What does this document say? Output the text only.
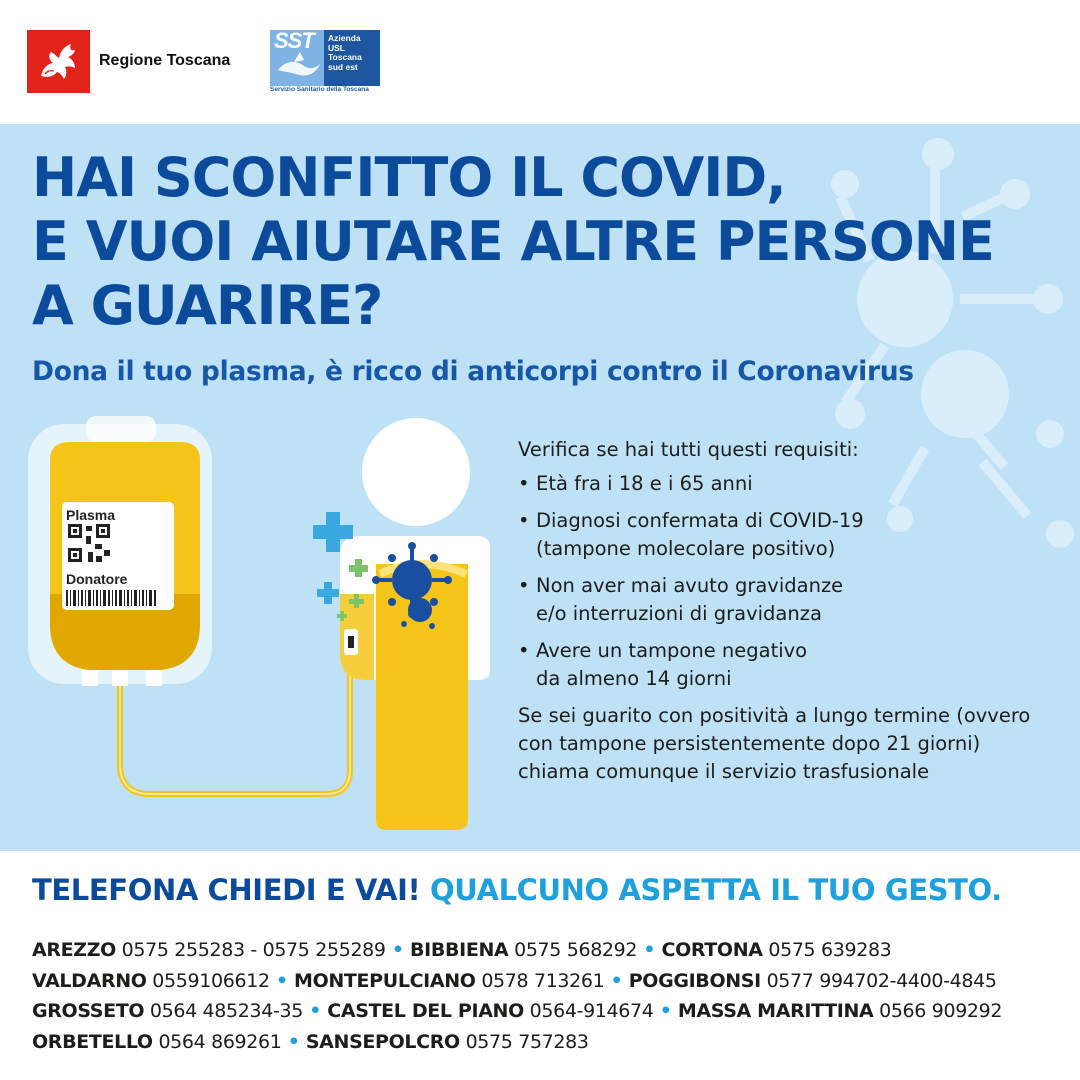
Regione Toscana
SST Azienda
USL
Toscana
sud est
Servizio Sanitario della Toscana
HAI SCONFITTO IL COVID,
E VUOI AIUTARE ALTRE PERSONE
A GUARIRE?
Dona il tuo plasma, è ricco di anticorpi contro il Coronavirus
Plasma
Donatore
Verifica se hai tutti questi requisiti:
• Età fra i 18 e i 65 anni
• Diagnosi confermata di COVID-19
(tampone molecolare positivo)
• Non aver mai avuto gravidanze
e/o interruzioni di gravidanza
• Avere un tampone negativo
da almeno 14 giorni
Se sei guarito con positività a lungo termine (ovvero con tampone persistentemente dopo 21 giorni) chiama comunque il servizio trasfusionale
TELEFONA CHIEDI E VAI! QUALCUNO ASPETTA IL TUO GESTO.
AREZZO 0575 255283 - 0575 255289 • BIBBIENA 0575 568292 • CORTONA 0575 639283
VALDARNO 0559106612 • MONTEPULCIANO 0578 713261 • POGGIBONSI 0577 994702-4400-4845
GROSSETO 0564 485234-35 • CASTEL DEL PIANO 0564-914674 • MASSA MARITTINA 0566 909292
ORBETELLO 0564 869261 • SANSEPOLCRO 0575 757283
